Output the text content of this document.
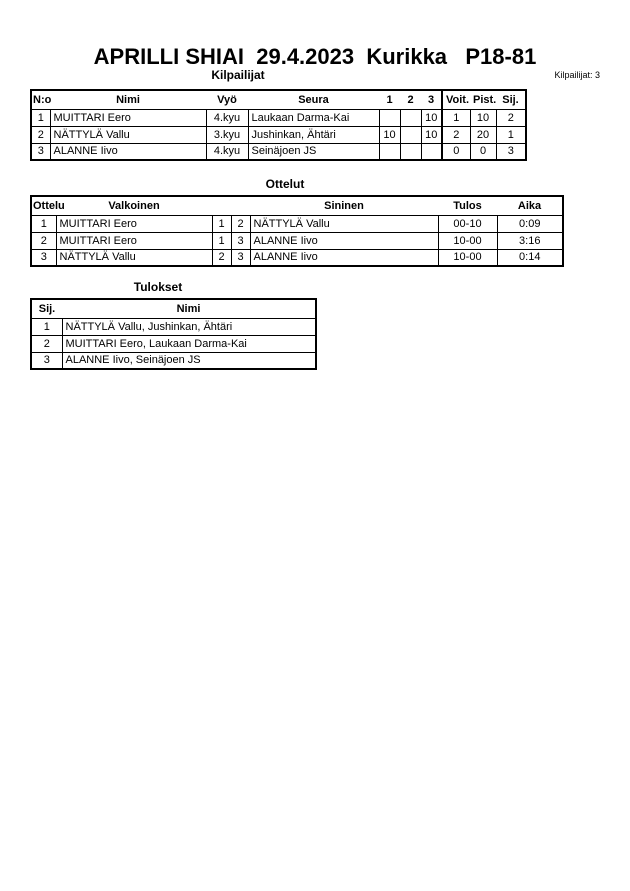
APRILLI SHIAI  29.4.2023  Kurikka   P18-81
Kilpailijat	Kilpailijat: 3
N:o	Nimi	Vyö	Seura	1	2	3	Voit.	Pist.	Sij.
1	MUITTARI Eero	4.kyu	Laukaan Darma-Kai			10	1	10	2
2	NÄTTYLÄ Vallu	3.kyu	Jushinkan, Ähtäri	10		10	2	20	1
3	ALANNE Iivo	4.kyu	Seinäjoen JS				0	0	3
Ottelut
Ottelu	Valkoinen			Sininen	Tulos	Aika
1	MUITTARI Eero	1	2	NÄTTYLÄ Vallu	00-10	0:09
2	MUITTARI Eero	1	3	ALANNE Iivo	10-00	3:16
3	NÄTTYLÄ Vallu	2	3	ALANNE Iivo	10-00	0:14
Tulokset
Sij.	Nimi
1	NÄTTYLÄ Vallu, Jushinkan, Ähtäri
2	MUITTARI Eero, Laukaan Darma-Kai
3	ALANNE Iivo, Seinäjoen JS
